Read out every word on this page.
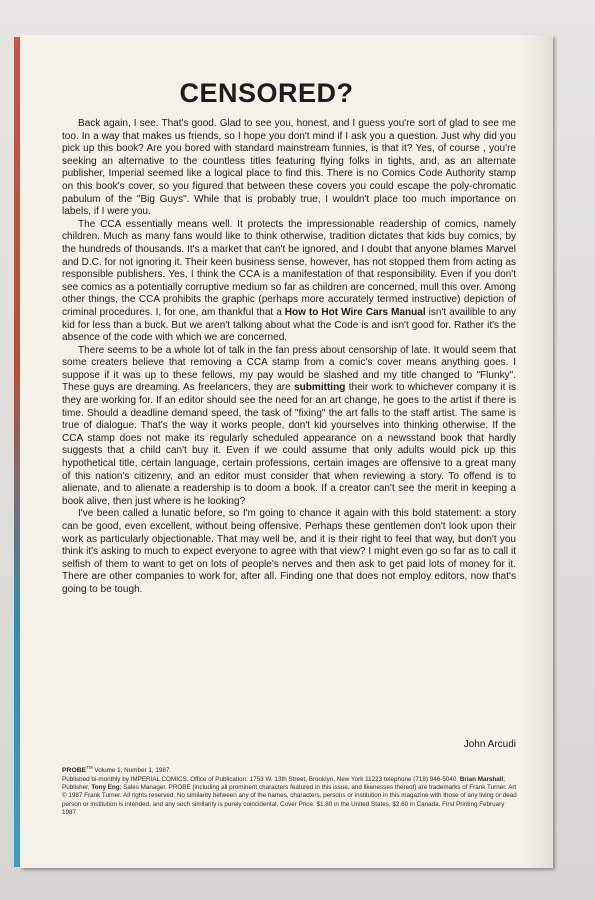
CENSORED?

Back again, I see. That's good. Glad to see you, honest, and I guess you're sort of glad to see me too. In a way that makes us friends, so I hope you don't mind if I ask you a question. Just why did you pick up this book? Are you bored with standard mainstream funnies, is that it? Yes, of course , you're seeking an alternative to the countless titles featuring flying folks in tights, and, as an alternate publisher, Imperial seemed like a logical place to find this. There is no Comics Code Authority stamp on this book's cover, so you figured that between these covers you could escape the poly-chromatic pabulum of the "Big Guys". While that is probably true, I wouldn't place too much importance on labels, if I were you.

The CCA essentially means well. It protects the impressionable readership of comics, namely children. Much as many fans would like to think otherwise, tradition dictates that kids buy comics, by the hundreds of thousands. It's a market that can't be ignored, and I doubt that anyone blames Marvel and D.C. for not ignoring it. Their keen business sense, however, has not stopped them from acting as responsible publishers. Yes, I think the CCA is a manifestation of that responsibility. Even if you don't see comics as a potentially corruptive medium so far as children are concerned, mull this over. Among other things, the CCA prohibits the graphic (perhaps more accurately termed instructive) depiction of criminal procedures. I, for one, am thankful that a How to Hot Wire Cars Manual isn't availible to any kid for less than a buck. But we aren't talking about what the Code is and isn't good for. Rather it's the absence of the code with which we are concerned.

There seems to be a whole lot of talk in the fan press about censorship of late. It would seem that some creaters believe that removing a CCA stamp from a comic's cover means anything goes. I suppose if it was up to these fellows, my pay would be slashed and my title changed to "Flunky". These guys are dreaming. As freelancers, they are submitting their work to whichever company it is they are working for. If an editor should see the need for an art change, he goes to the artist if there is time. Should a deadline demand speed, the task of "fixing" the art falls to the staff artist. The same is true of dialogue. That's the way it works people, don't kid yourselves into thinking otherwise. If the CCA stamp does not make its regularly scheduled appearance on a newsstand book that hardly suggests that a child can't buy it. Even if we could assume that only adults would pick up this hypothetical title, certain language, certain professions, certain images are offensive to a great many of this nation's citizenry, and an editor must consider that when reviewing a story. To offend is to alienate, and to alienate a readership is to doom a book. If a creator can't see the merit in keeping a book alive, then just where is he looking?

I've been called a lunatic before, so I'm going to chance it again with this bold statement: a story can be good, even excellent, without being offensive. Perhaps these gentlemen don't look upon their work as particularly objectionable. That may well be, and it is their right to feel that way, but don't you think it's asking to much to expect everyone to agree with that view? I might even go so far as to call it selfish of them to want to get on lots of people's nerves and then ask to get paid lots of money for it. There are other companies to work for, after all. Finding one that does not employ editors, now that's going to be tough.

John Arcudi
PROBE™ Volume 1, Number 1, 1987.
Published bi-monthly by IMPERIAL COMICS. Office of Publication: 1753 W. 13th Street, Brooklyn, New York 11223 telephone (718) 946-5040. Brian Marshall; Publisher, Tony Eng; Sales Manager. PROBE (including all prominent characters featured in this issue, and likenesses thereof) are trademarks of Frank Turner. Art © 1987 Frank Turner. All rights reserved. No similarity between any of the names, characters, persons or institution in this magazine with those of any living or dead person or institution is intended, and any such similarity is purely coincidental. Cover Price: $1.80 in the United States, $2.60 in Canada. First Printing February 1987
